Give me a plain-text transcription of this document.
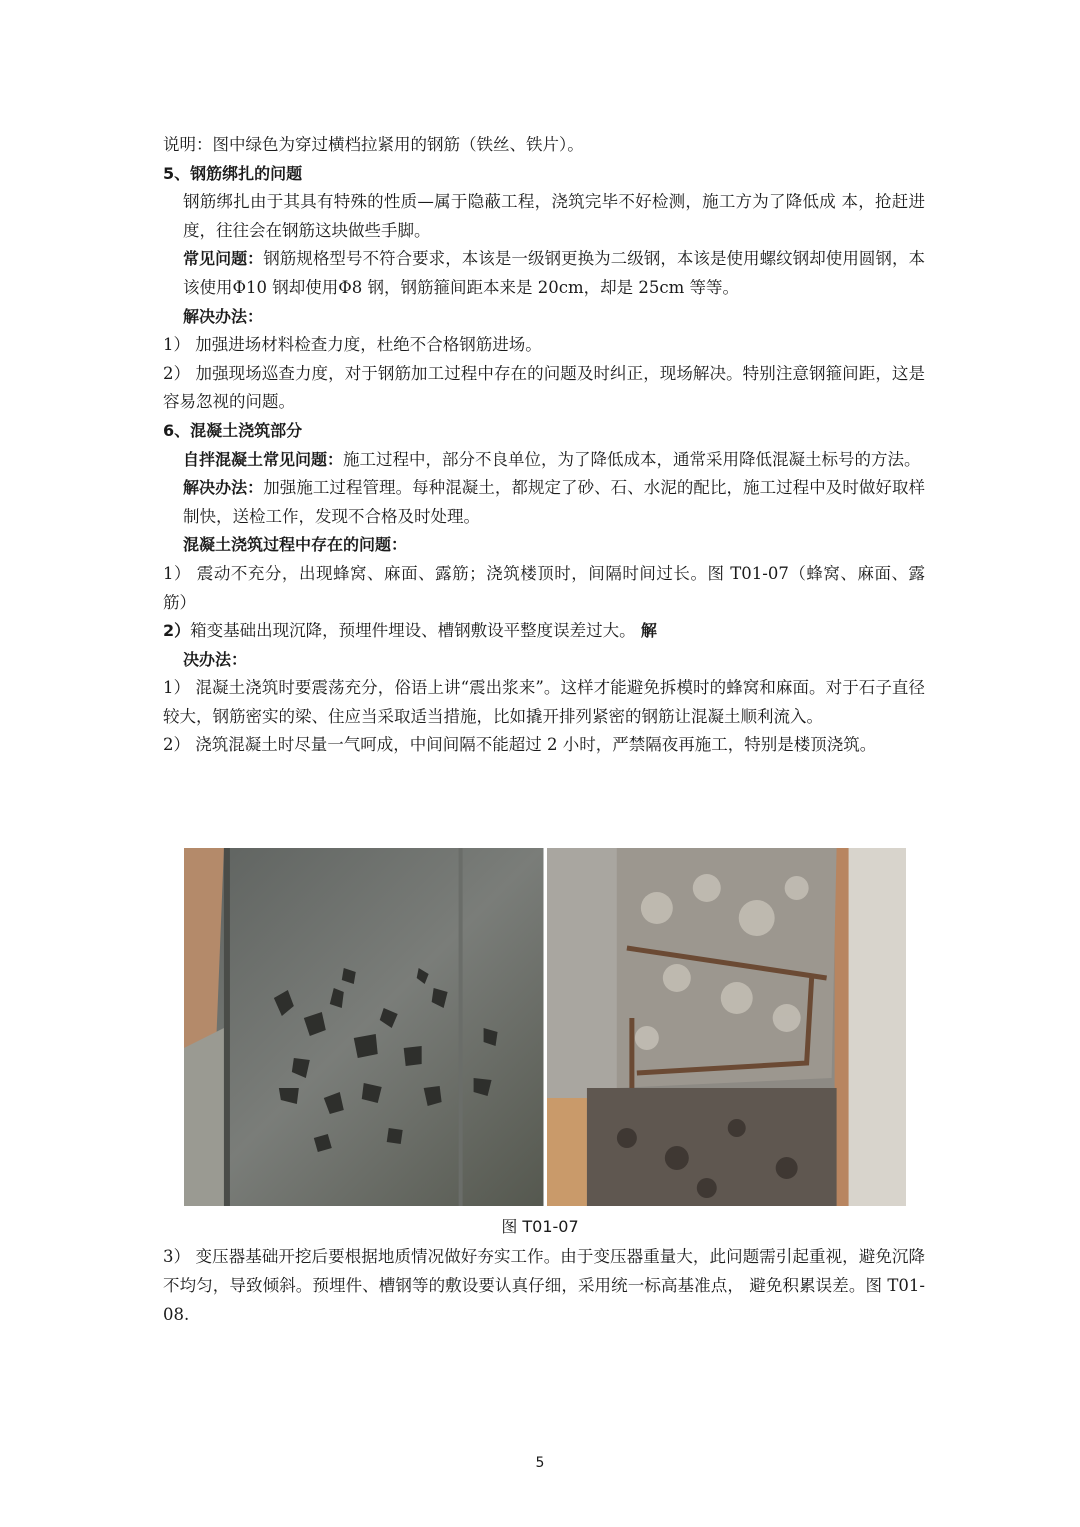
说明：图中绿色为穿过横档拉紧用的钢筋（铁丝、铁片）。

5、钢筋绑扎的问题

钢筋绑扎由于其具有特殊的性质—属于隐蔽工程，浇筑完毕不好检测，施工方为了降低成 本，抢赶进度，往往会在钢筋这块做些手脚。

常见问题：钢筋规格型号不符合要求，本该是一级钢更换为二级钢，本该是使用螺纹钢却使用圆钢，本该使用Φ10 钢却使用Φ8 钢，钢筋箍间距本来是 20cm，却是 25cm 等等。

解决办法：

1） 加强进场材料检查力度，杜绝不合格钢筋进场。

2） 加强现场巡查力度，对于钢筋加工过程中存在的问题及时纠正，现场解决。特别注意钢箍间距，这是容易忽视的问题。

6、混凝土浇筑部分

自拌混凝土常见问题：施工过程中，部分不良单位，为了降低成本，通常采用降低混凝土标号的方法。

解决办法：加强施工过程管理。每种混凝土，都规定了砂、石、水泥的配比，施工过程中及时做好取样制快，送检工作，发现不合格及时处理。

混凝土浇筑过程中存在的问题：

1） 震动不充分，出现蜂窝、麻面、露筋；浇筑楼顶时，间隔时间过长。图 T01-07（蜂窝、麻面、露筋）

2）箱变基础出现沉降，预埋件埋设、槽钢敷设平整度误差过大。 解

决办法：

1） 混凝土浇筑时要震荡充分，俗语上讲“震出浆来”。这样才能避免拆模时的蜂窝和麻面。对于石子直径较大，钢筋密实的梁、住应当采取适当措施，比如撬开排列紧密的钢筋让混凝土顺利流入。

2） 浇筑混凝土时尽量一气呵成，中间间隔不能超过 2 小时，严禁隔夜再施工，特别是楼顶浇筑。

图 T01-07

3） 变压器基础开挖后要根据地质情况做好夯实工作。由于变压器重量大，此问题需引起重视，避免沉降不均匀，导致倾斜。预埋件、槽钢等的敷设要认真仔细，采用统一标高基准点， 避免积累误差。图 T01-08.

5
